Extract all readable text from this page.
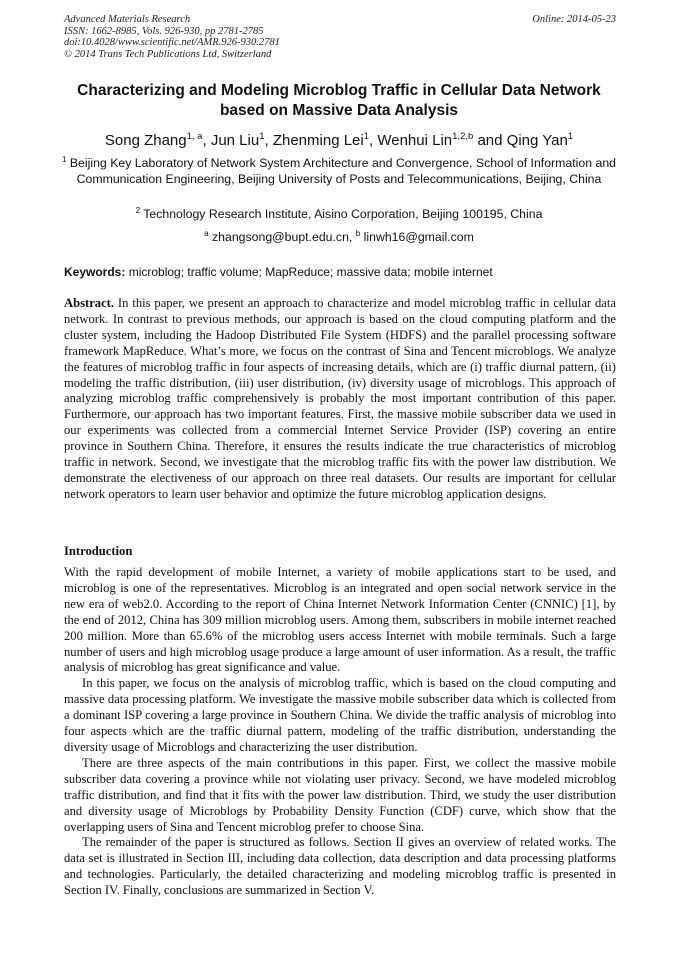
Advanced Materials Research
ISSN: 1662-8985, Vols. 926-930, pp 2781-2785
doi:10.4028/www.scientific.net/AMR.926-930.2781
© 2014 Trans Tech Publications Ltd, Switzerland
Online: 2014-05-23
Characterizing and Modeling Microblog Traffic in Cellular Data Network based on Massive Data Analysis
Song Zhang$^{1, a}$, Jun Liu$^1$, Zhenming Lei$^1$, Wenhui Lin$^{1,2,b}$ and Qing Yan$^1$
$^1$ Beijing Key Laboratory of Network System Architecture and Convergence, School of Information and Communication Engineering, Beijing University of Posts and Telecommunications, Beijing, China
$^2$ Technology Research Institute, Aisino Corporation, Beijing 100195, China
$^a$ zhangsong@bupt.edu.cn, $^b$ linwh16@gmail.com
Keywords: microblog; traffic volume; MapReduce; massive data; mobile internet

Abstract. In this paper, we present an approach to characterize and model microblog traffic in cellular data network. In contrast to previous methods, our approach is based on the cloud computing platform and the cluster system, including the Hadoop Distributed File System (HDFS) and the parallel processing software framework MapReduce. What’s more, we focus on the contrast of Sina and Tencent microblogs. We analyze the features of microblog traffic in four aspects of increasing details, which are (i) traffic diurnal pattern, (ii) modeling the traffic distribution, (iii) user distribution, (iv) diversity usage of microblogs. This approach of analyzing microblog traffic comprehensively is probably the most important contribution of this paper. Furthermore, our approach has two important features. First, the massive mobile subscriber data we used in our experiments was collected from a commercial Internet Service Provider (ISP) covering an entire province in Southern China. Therefore, it ensures the results indicate the true characteristics of microblog traffic in network. Second, we investigate that the microblog traffic fits with the power law distribution. We demonstrate the electiveness of our approach on three real datasets. Our results are important for cellular network operators to learn user behavior and optimize the future microblog application designs.

Introduction

With the rapid development of mobile Internet, a variety of mobile applications start to be used, and microblog is one of the representatives. Microblog is an integrated and open social network service in the new era of web2.0. According to the report of China Internet Network Information Center (CNNIC) [1], by the end of 2012, China has 309 million microblog users. Among them, subscribers in mobile internet reached 200 million. More than 65.6% of the microblog users access Internet with mobile terminals. Such a large number of users and high microblog usage produce a large amount of user information. As a result, the traffic analysis of microblog has great significance and value.

In this paper, we focus on the analysis of microblog traffic, which is based on the cloud computing and massive data processing platform. We investigate the massive mobile subscriber data which is collected from a dominant ISP covering a large province in Southern China. We divide the traffic analysis of microblog into four aspects which are the traffic diurnal pattern, modeling of the traffic distribution, understanding the diversity usage of Microblogs and characterizing the user distribution.

There are three aspects of the main contributions in this paper. First, we collect the massive mobile subscriber data covering a province while not violating user privacy. Second, we have modeled microblog traffic distribution, and find that it fits with the power law distribution. Third, we study the user distribution and diversity usage of Microblogs by Probability Density Function (CDF) curve, which show that the overlapping users of Sina and Tencent microblog prefer to choose Sina.

The remainder of the paper is structured as follows. Section II gives an overview of related works. The data set is illustrated in Section III, including data collection, data description and data processing platforms and technologies. Particularly, the detailed characterizing and modeling microblog traffic is presented in Section IV. Finally, conclusions are summarized in Section V.
